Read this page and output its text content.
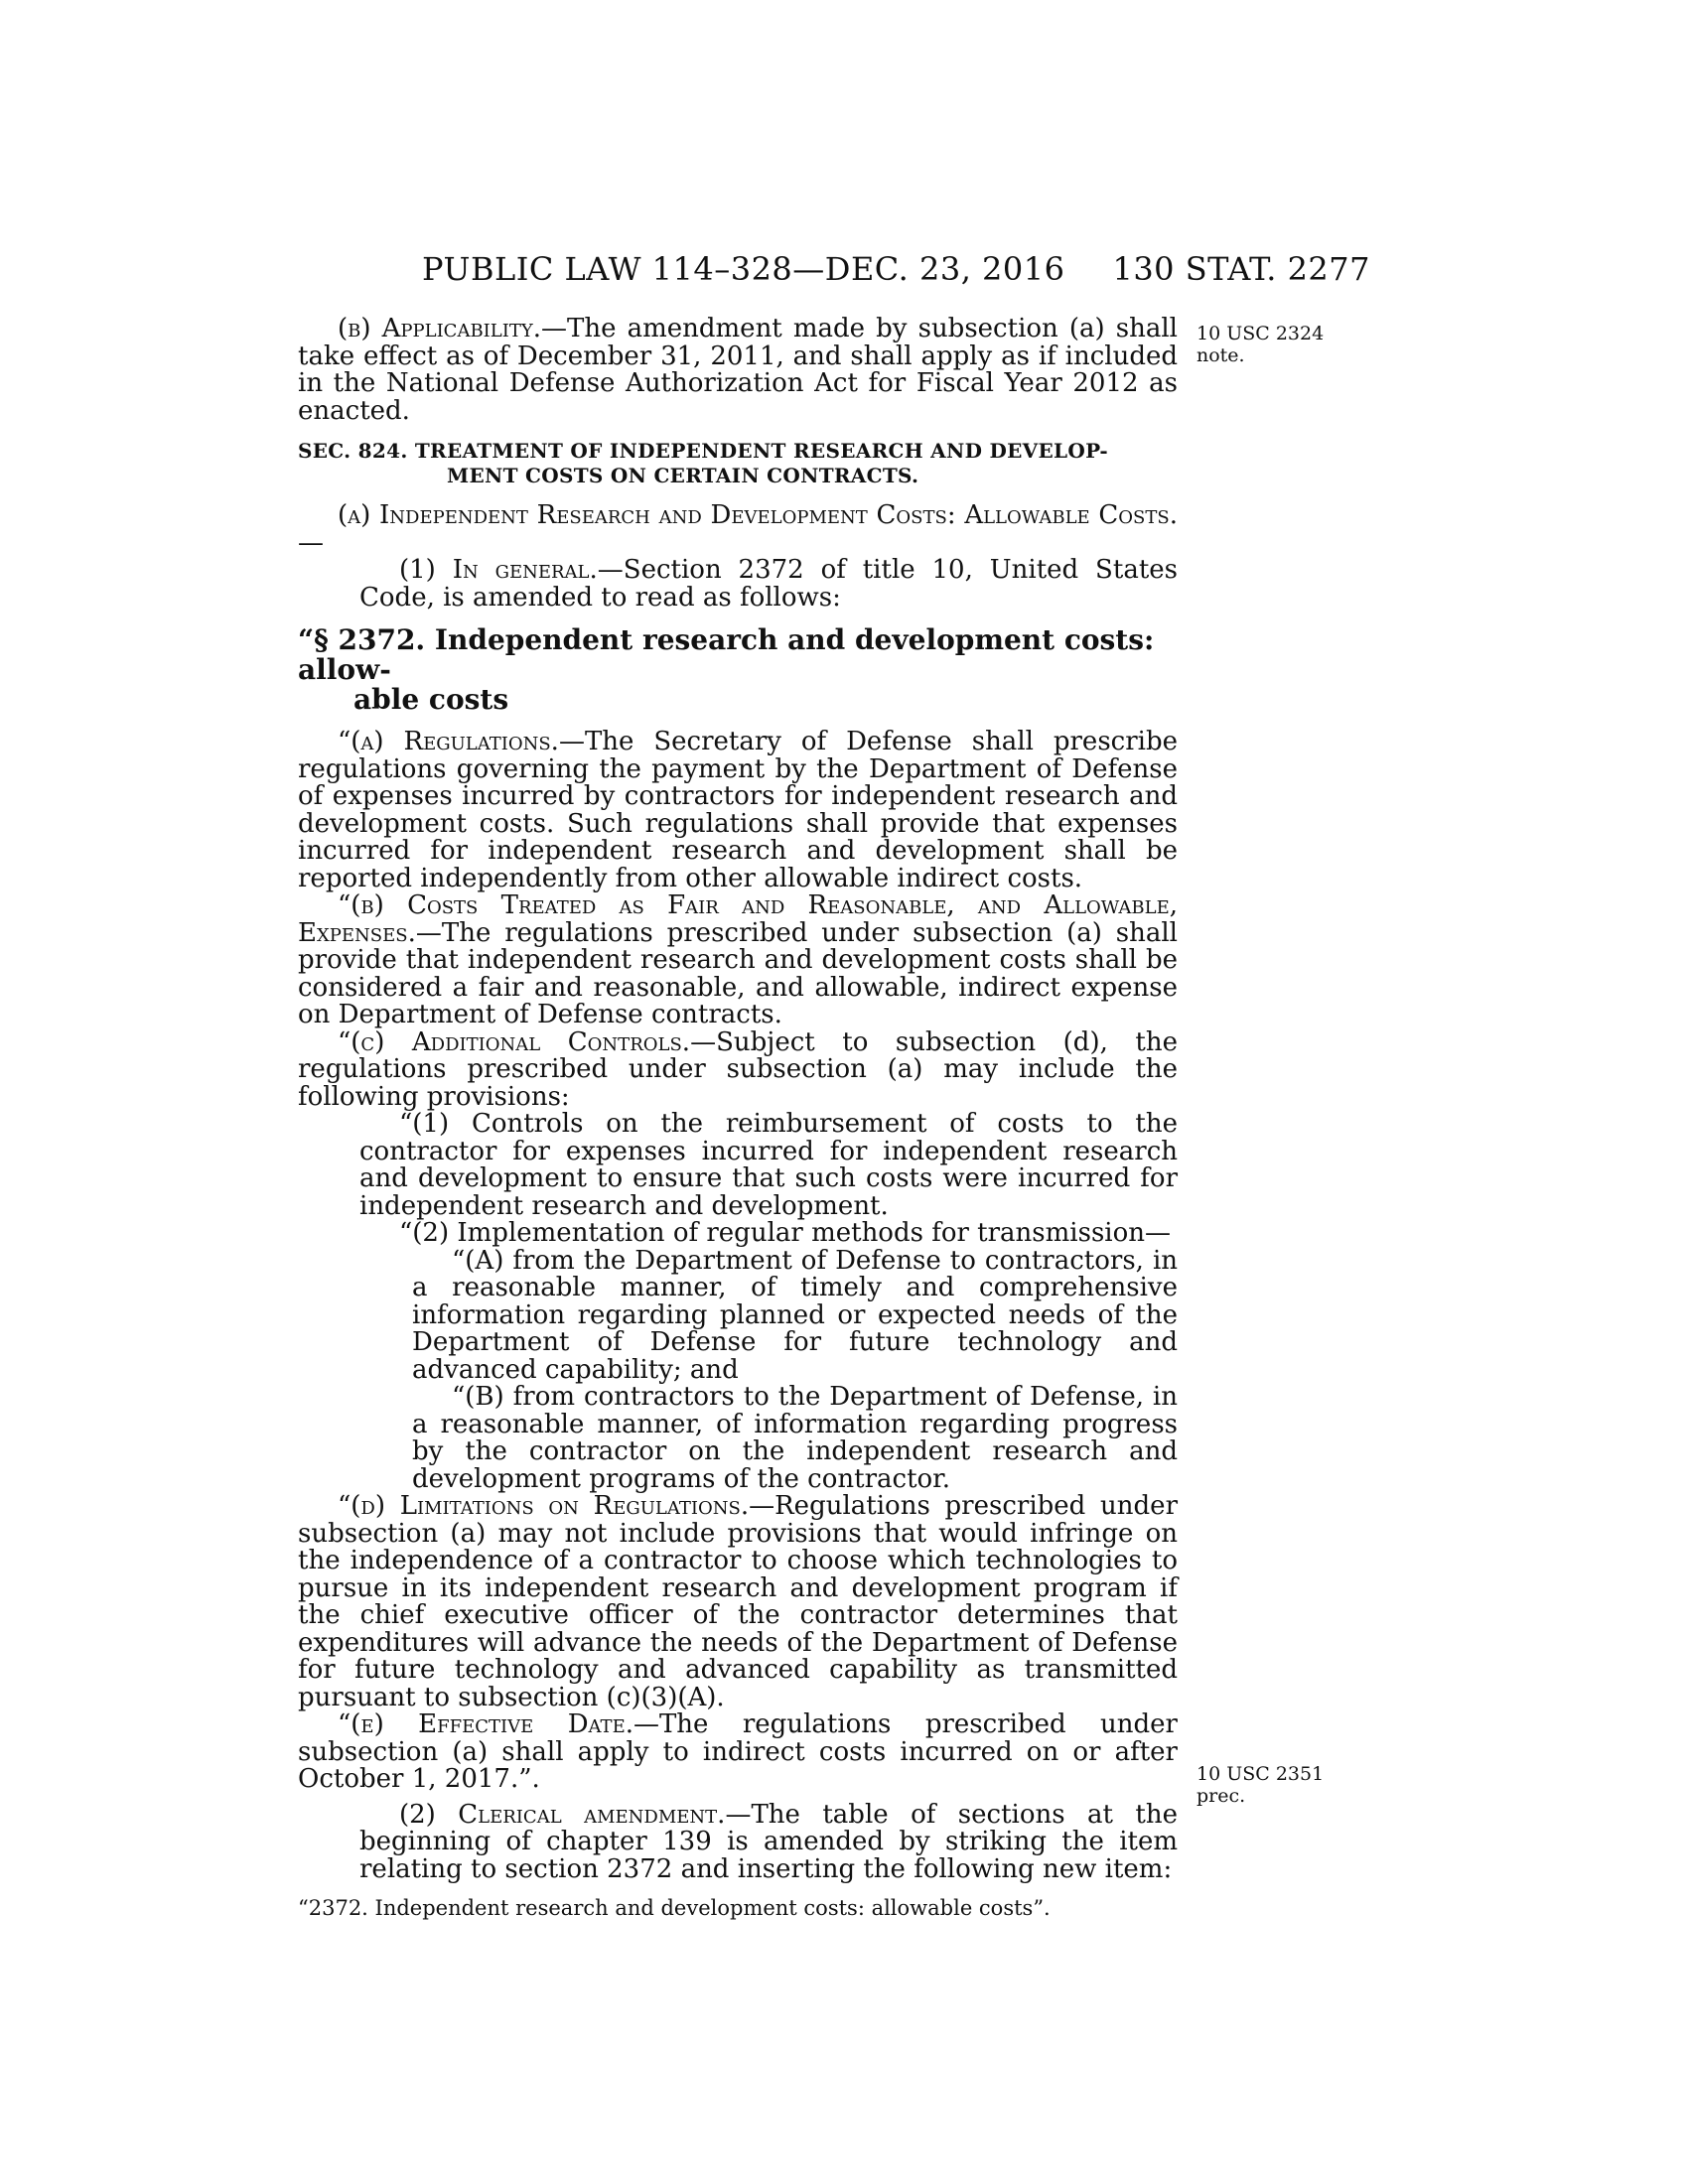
PUBLIC LAW 114–328—DEC. 23, 2016 130 STAT. 2277
10 USC 2324
note.
10 USC 2351
prec.

(b) Applicability.—The amendment made by subsection (a) shall take effect as of December 31, 2011, and shall apply as if included in the National Defense Authorization Act for Fiscal Year 2012 as enacted.

SEC. 824. TREATMENT OF INDEPENDENT RESEARCH AND DEVELOP-
MENT COSTS ON CERTAIN CONTRACTS.

(a) Independent Research and Development Costs: Allowable Costs.—

(1) In general.—Section 2372 of title 10, United States Code, is amended to read as follows:

“§ 2372. Independent research and development costs: allow-
able costs

“(a) Regulations.—The Secretary of Defense shall prescribe regulations governing the payment by the Department of Defense of expenses incurred by contractors for independent research and development costs. Such regulations shall provide that expenses incurred for independent research and development shall be reported independently from other allowable indirect costs.

“(b) Costs Treated as Fair and Reasonable, and Allowable, Expenses.—The regulations prescribed under subsection (a) shall provide that independent research and development costs shall be considered a fair and reasonable, and allowable, indirect expense on Department of Defense contracts.

“(c) Additional Controls.—Subject to subsection (d), the regulations prescribed under subsection (a) may include the following provisions:

“(1) Controls on the reimbursement of costs to the contractor for expenses incurred for independent research and development to ensure that such costs were incurred for independent research and development.

“(2) Implementation of regular methods for transmission—

“(A) from the Department of Defense to contractors, in a reasonable manner, of timely and comprehensive information regarding planned or expected needs of the Department of Defense for future technology and advanced capability; and

“(B) from contractors to the Department of Defense, in a reasonable manner, of information regarding progress by the contractor on the independent research and development programs of the contractor.

“(d) Limitations on Regulations.—Regulations prescribed under subsection (a) may not include provisions that would infringe on the independence of a contractor to choose which technologies to pursue in its independent research and development program if the chief executive officer of the contractor determines that expenditures will advance the needs of the Department of Defense for future technology and advanced capability as transmitted pursuant to subsection (c)(3)(A).

“(e) Effective Date.—The regulations prescribed under subsection (a) shall apply to indirect costs incurred on or after October 1, 2017.”.

(2) Clerical amendment.—The table of sections at the beginning of chapter 139 is amended by striking the item relating to section 2372 and inserting the following new item:

“2372. Independent research and development costs: allowable costs”.
